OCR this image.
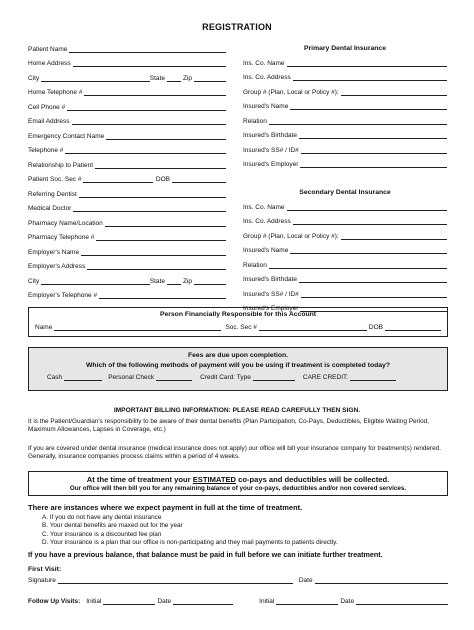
REGISTRATION
Patient Name
Home Address
City	State	Zip
Home Telephone #
Cell Phone #
Email Address
Emergency Contact Name
Telephone #
Relationship to Patient
Patient Soc. Sec #	DOB
Referring Dentist
Medical Doctor
Pharmacy Name/Location
Pharmacy Telephone #
Employer's Name
Employer's Address
City	State	Zip
Employer's Telephone #
Primary Dental Insurance
Ins. Co. Name
Ins. Co. Address
Group # (Plan, Local or Policy #):
Insured's Name
Relation
Insured's Birthdate
Insured's SS# / ID#
Insured's Employer
Secondary Dental Insurance
Ins. Co. Name
Ins. Co. Address
Group # (Plan, Local or Policy #):
Insured's Name
Relation
Insured's Birthdate
Insured's SS# / ID#
Insured's Employer
Person Financially Responsible for this Account
Name	Soc. Sec #	DOB
Fees are due upon completion.
Which of the following methods of payment will you be using if treatment is completed today?
Cash	Personal Check	Credit Card: Type	CARE CREDIT:
IMPORTANT BILLING INFORMATION: PLEASE READ CAREFULLY THEN SIGN.
It is the Patient/Guardian's responsibility to be aware of their dental benefits (Plan Participation, Co-Pays, Deductibles, Eligible Waiting Period, Maximum Allowances, Lapses in Coverage, etc.)
If you are covered under dental insurance (medical insurance does not apply) our office will bill your insurance company for treatment(s) rendered. Generally, insurance companies process claims within a period of 4 weeks.
At the time of treatment your ESTIMATED co-pays and deductibles will be collected.
Our office will then bill you for any remaining balance of your co-pays, deductibles and/or non covered services.
There are instances where we expect payment in full at the time of treatment.
A. If you do not have any dental insurance
B. Your dental benefits are maxed out for the year
C. Your insurance is a discounted fee plan
D. Your insurance is a plan that our office is non-participating and they mail payments to patients directly.
If you have a previous balance, that balance must be paid in full before we can initiate further treatment.
First Visit:
Signature	Date
Follow Up Visits: Initial	Date	Initial	Date
